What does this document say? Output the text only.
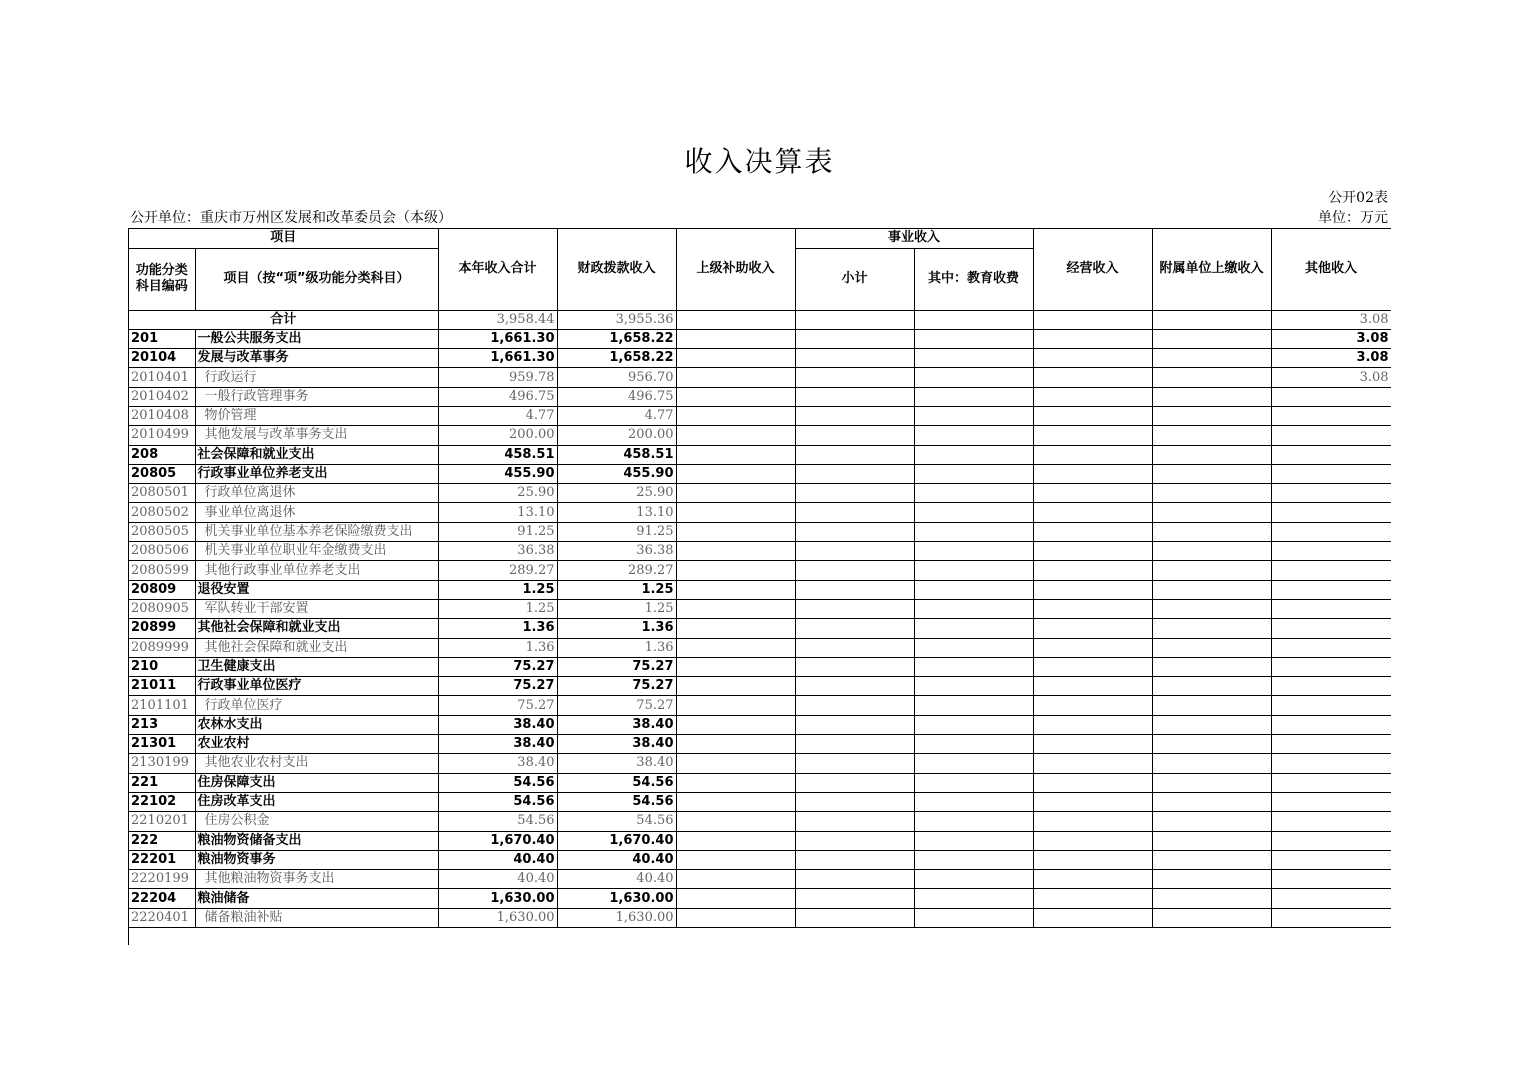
收入决算表
公开02表
公开单位：重庆市万州区发展和改革委员会（本级）	单位：万元
项目		本年收入合计	财政拨款收入	上级补助收入	事业收入		经营收入	附属单位上缴收入	其他收入
功能分类科目编码	项目（按“项”级功能分类科目）				小计	其中：教育收费			
合计		3,958.44	3,955.36						3.08
201	一般公共服务支出	1,661.30	1,658.22						3.08
20104	发展与改革事务	1,661.30	1,658.22						3.08
2010401	行政运行	959.78	956.70						3.08
2010402	一般行政管理事务	496.75	496.75						
2010408	物价管理	4.77	4.77						
2010499	其他发展与改革事务支出	200.00	200.00						
208	社会保障和就业支出	458.51	458.51						
20805	行政事业单位养老支出	455.90	455.90						
2080501	行政单位离退休	25.90	25.90						
2080502	事业单位离退休	13.10	13.10						
2080505	机关事业单位基本养老保险缴费支出	91.25	91.25						
2080506	机关事业单位职业年金缴费支出	36.38	36.38						
2080599	其他行政事业单位养老支出	289.27	289.27						
20809	退役安置	1.25	1.25						
2080905	军队转业干部安置	1.25	1.25						
20899	其他社会保障和就业支出	1.36	1.36						
2089999	其他社会保障和就业支出	1.36	1.36						
210	卫生健康支出	75.27	75.27						
21011	行政事业单位医疗	75.27	75.27						
2101101	行政单位医疗	75.27	75.27						
213	农林水支出	38.40	38.40						
21301	农业农村	38.40	38.40						
2130199	其他农业农村支出	38.40	38.40						
221	住房保障支出	54.56	54.56						
22102	住房改革支出	54.56	54.56						
2210201	住房公积金	54.56	54.56						
222	粮油物资储备支出	1,670.40	1,670.40						
22201	粮油物资事务	40.40	40.40						
2220199	其他粮油物资事务支出	40.40	40.40						
22204	粮油储备	1,630.00	1,630.00						
2220401	储备粮油补贴	1,630.00	1,630.00						
